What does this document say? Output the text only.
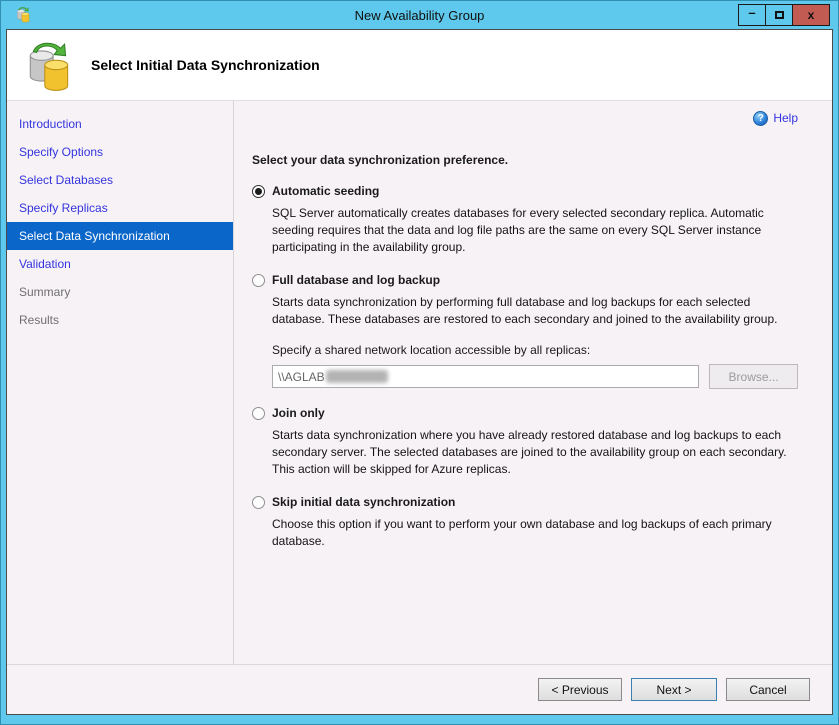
New Availability Group	–	x
Select Initial Data Synchronization
Introduction
Specify Options
Select Databases
Specify Replicas
Select Data Synchronization
Validation
Summary
Results
? Help
Select your data synchronization preference.
Automatic seeding
SQL Server automatically creates databases for every selected secondary replica. Automatic seeding requires that the data and log file paths are the same on every SQL Server instance participating in the availability group.
Full database and log backup
Starts data synchronization by performing full database and log backups for each selected database. These databases are restored to each secondary and joined to the availability group.
Specify a shared network location accessible by all replicas:
\\AGLAB	Browse...
Join only
Starts data synchronization where you have already restored database and log backups to each secondary server. The selected databases are joined to the availability group on each secondary. This action will be skipped for Azure replicas.
Skip initial data synchronization
Choose this option if you want to perform your own database and log backups of each primary database.
< Previous	Next >	Cancel
